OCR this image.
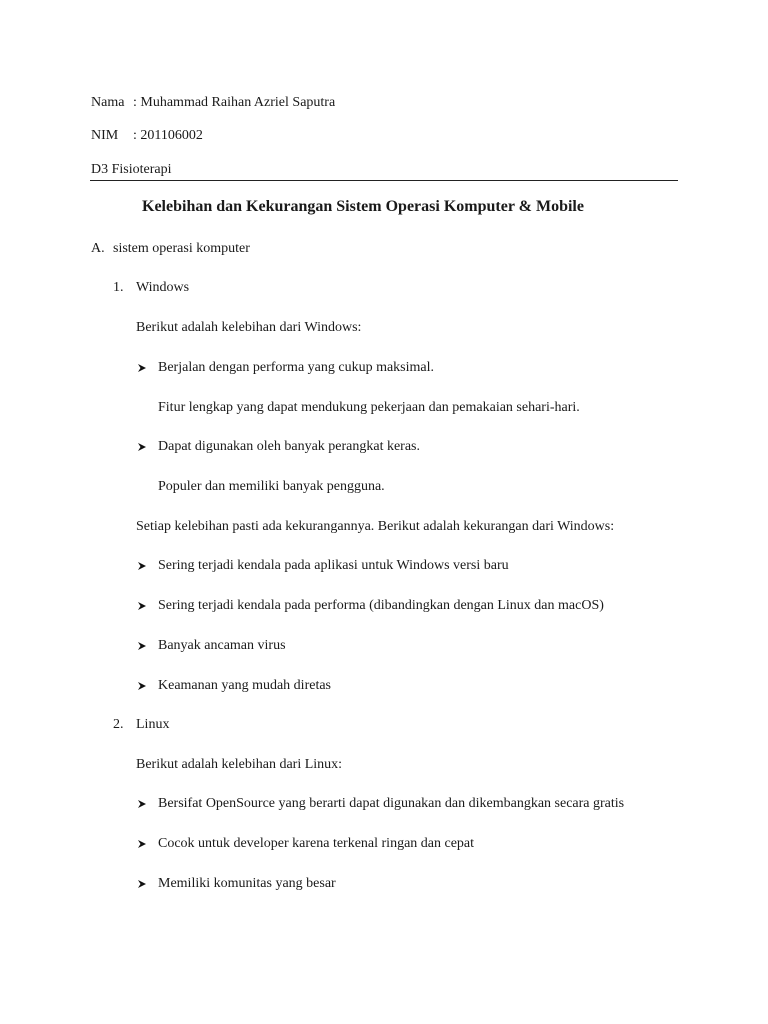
Nama : Muhammad Raihan Azriel Saputra
NIM : 201106002
D3 Fisioterapi
Kelebihan dan Kekurangan Sistem Operasi Komputer & Mobile
A. sistem operasi komputer
1. Windows
Berikut adalah kelebihan dari Windows:
Berjalan dengan performa yang cukup maksimal.
Fitur lengkap yang dapat mendukung pekerjaan dan pemakaian sehari-hari.
Dapat digunakan oleh banyak perangkat keras.
Populer dan memiliki banyak pengguna.
Setiap kelebihan pasti ada kekurangannya. Berikut adalah kekurangan dari Windows:
Sering terjadi kendala pada aplikasi untuk Windows versi baru
Sering terjadi kendala pada performa (dibandingkan dengan Linux dan macOS)
Banyak ancaman virus
Keamanan yang mudah diretas
2. Linux
Berikut adalah kelebihan dari Linux:
Bersifat OpenSource yang berarti dapat digunakan dan dikembangkan secara gratis
Cocok untuk developer karena terkenal ringan dan cepat
Memiliki komunitas yang besar
